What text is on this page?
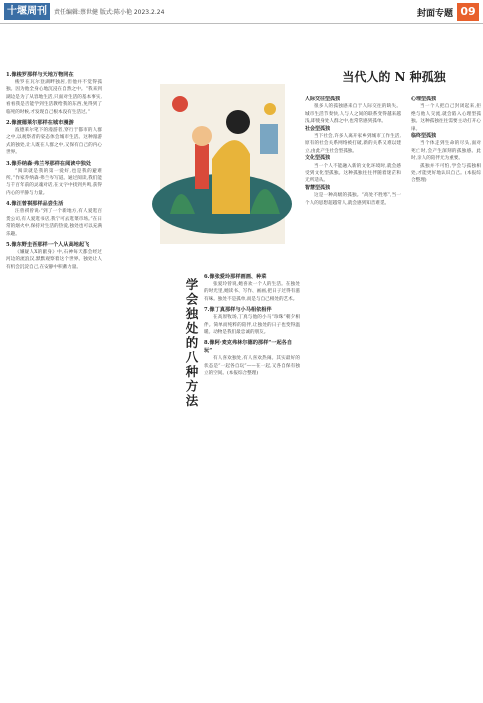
十堰周刊	责任编辑:蔡世健 版式:陈小艳 2023.2.24	封面专题 09
1.像梭罗那样与天地万物同在

梭罗在瓦尔登湖畔独居,但他并不觉得孤独。因为他全身心地沉浸在自然之中。“我来到湖边是为了从容地生活,只面对生活的基本事实,看看我是否能学到生活教给我的东西,免得到了临死的时候,才发现自己根本没有生活过。”

2.像渡德莱尔那样在城市漫游

波德莱尔笔下的漫游者,穿行于都市的人群之中,以观察者的姿态体会城市生活。这种漫游式的独处,让人既在人群之中,又保有自己的内心世界。

3.像乔纳森·弗兰岑那样在阅读中独处

“阅读就是我的第一爱好,也是我的避难所。”作家乔纳森·弗兰岑写道。通过阅读,我们能与千百年前的灵魂对话,在文字中找到共鸣,获得内心的平静与力量。

4.像汪曾祺那样品尝生活

汪曾祺曾说:“到了一个新地方,有人爱逛百货公司,有人爱逛书店,我宁可去逛菜市场。”在日常的烟火中,保持对生活的热爱,独处也可以充满乐趣。

5.像东野圭吾那样一个人从高地起飞

《嫌疑人X的献身》中,石神每天都会经过河边的流浪汉,默默观察着这个世界。独处让人有机会沉淀自己,在安静中积蓄力量。

学会独处的八种方法
6.像张爱玲那样画画、种菜

张爱玲曾说,她喜欢一个人的生活。在独处的时光里,她读书、写作、画画,把日子过得有滋有味。独处不是孤单,而是与自己相处的艺术。

7.像丁真那样与小马相依相伴

在高原牧场,丁真与他的小马“珍珠”朝夕相伴。简单而纯粹的陪伴,让独处的日子也变得温暖。动物是我们最忠诚的朋友。

8.像阿·麦克弗林尔德的那样“一起各自玩”

有人喜欢独处,有人喜欢热闹。其实最好的状态是“一起各自玩”——在一起,又各自保有独立的空间。(本报综合整理)

当代人的 N 种孤独

人际交往型孤独

很多人的孤独感来自于人际交往的缺失。城市生活节奏快,人与人之间的联系变得越来越浅,即使身处人群之中,也常常感到孤单。

社会型孤独

当下社会,许多人离开家乡到城市工作生活,原有的社会关系网络被打破,新的关系又难以建立,由此产生社会型孤独。

文化型孤独

当一个人不能融入新的文化环境时,就会感受到文化型孤独。这种孤独往往伴随着迷茫和无所适从。

智慧型孤独

这是一种高级的孤独。“高处不胜寒”,当一个人的思想超越常人,就会感到知音难觅。

心理型孤独

当一个人把自己封闭起来,拒绝与他人交流,就会陷入心理型孤独。这种孤独往往需要主动打开心扉。

临终型孤独

当个体走到生命的尽头,面对死亡时,会产生深刻的孤独感。此时,亲人的陪伴尤为重要。

孤独并不可怕,学会与孤独相处,才能更好地认识自己。(本报综合整理)
